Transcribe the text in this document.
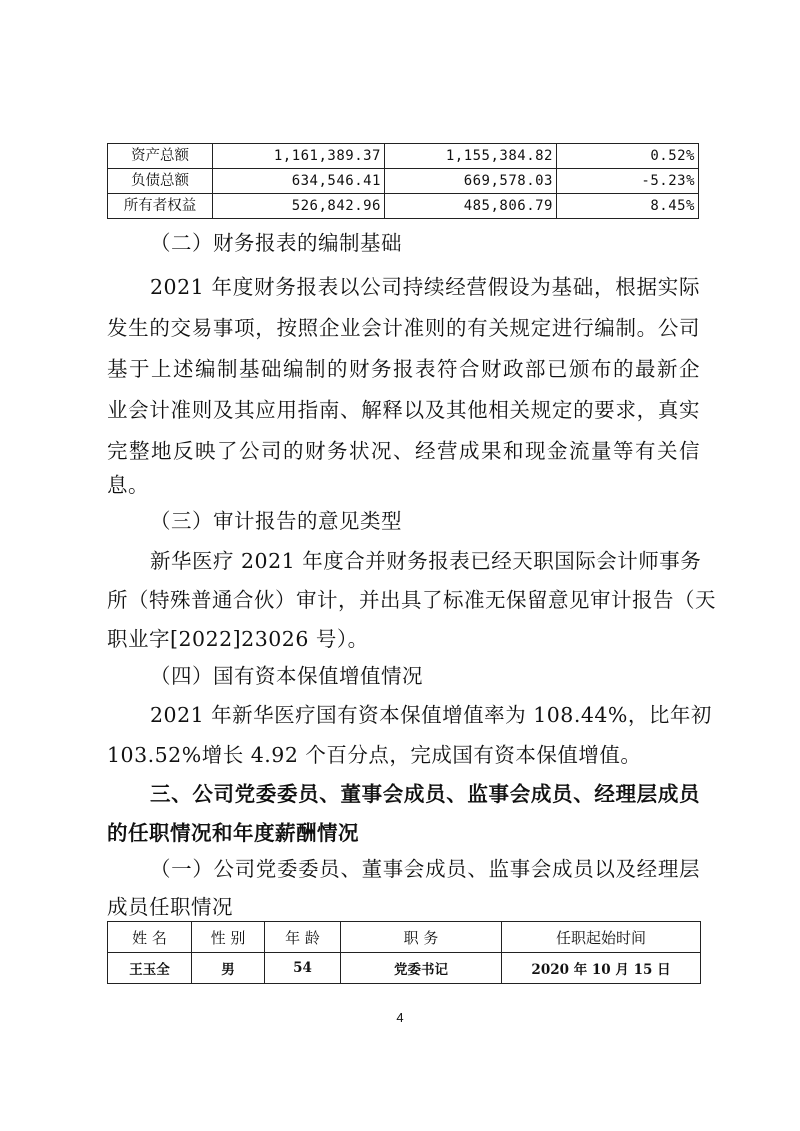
资产总额	1,161,389.37	1,155,384.82	0.52%
负债总额	634,546.41	669,578.03	-5.23%
所有者权益	526,842.96	485,806.79	8.45%
（二）财务报表的编制基础
2021 年度财务报表以公司持续经营假设为基础，根据实际
发生的交易事项，按照企业会计准则的有关规定进行编制。公司
基于上述编制基础编制的财务报表符合财政部已颁布的最新企
业会计准则及其应用指南、解释以及其他相关规定的要求，真实
完整地反映了公司的财务状况、经营成果和现金流量等有关信
息。
（三）审计报告的意见类型
新华医疗 2021 年度合并财务报表已经天职国际会计师事务
所（特殊普通合伙）审计，并出具了标准无保留意见审计报告（天
职业字[2022]23026 号）。
（四）国有资本保值增值情况
2021 年新华医疗国有资本保值增值率为 108.44%，比年初
103.52%增长 4.92 个百分点，完成国有资本保值增值。
三、公司党委委员、董事会成员、监事会成员、经理层成员
的任职情况和年度薪酬情况
（一）公司党委委员、董事会成员、监事会成员以及经理层
成员任职情况
姓 名	性 别	年 龄	职 务	任职起始时间
王玉全	男	54	党委书记	2020 年 10 月 15 日
4
